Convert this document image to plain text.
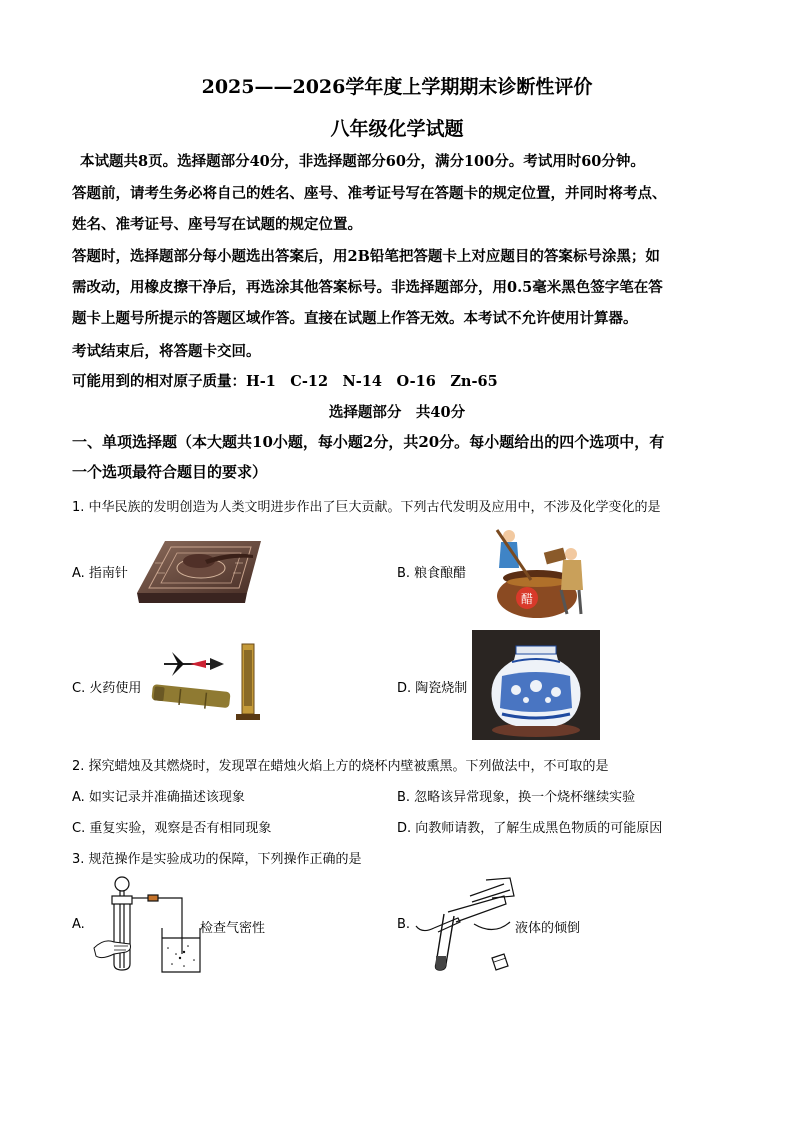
2025——2026学年度上学期期末诊断性评价
八年级化学试题
本试题共8页。选择题部分40分，非选择题部分60分，满分100分。考试用时60分钟。
答题前，请考生务必将自己的姓名、座号、准考证号写在答题卡的规定位置，并同时将考点、
姓名、准考证号、座号写在试题的规定位置。
答题时，选择题部分每小题选出答案后，用2B铅笔把答题卡上对应题目的答案标号涂黑；如
需改动，用橡皮擦干净后，再选涂其他答案标号。非选择题部分，用0.5毫米黑色签字笔在答
题卡上题号所提示的答题区域作答。直接在试题上作答无效。本考试不允许使用计算器。
考试结束后，将答题卡交回。
可能用到的相对原子质量：H-1　C-12　N-14　O-16　Zn-65
选择题部分　共40分
一、单项选择题（本大题共10小题，每小题2分，共20分。每小题给出的四个选项中，有
一个选项最符合题目的要求）
1. 中华民族的发明创造为人类文明进步作出了巨大贡献。下列古代发明及应用中，不涉及化学变化的是
A. 指南针	B. 粮食酿醋
醋
C. 火药使用	D. 陶瓷烧制
2. 探究蜡烛及其燃烧时，发现罩在蜡烛火焰上方的烧杯内壁被熏黑。下列做法中，不可取的是
A. 如实记录并准确描述该现象	B. 忽略该异常现象，换一个烧杯继续实验
C. 重复实验，观察是否有相同现象	D. 向教师请教，了解生成黑色物质的可能原因
3. 规范操作是实验成功的保障，下列操作正确的是
A.	检查气密性	B.	液体的倾倒
